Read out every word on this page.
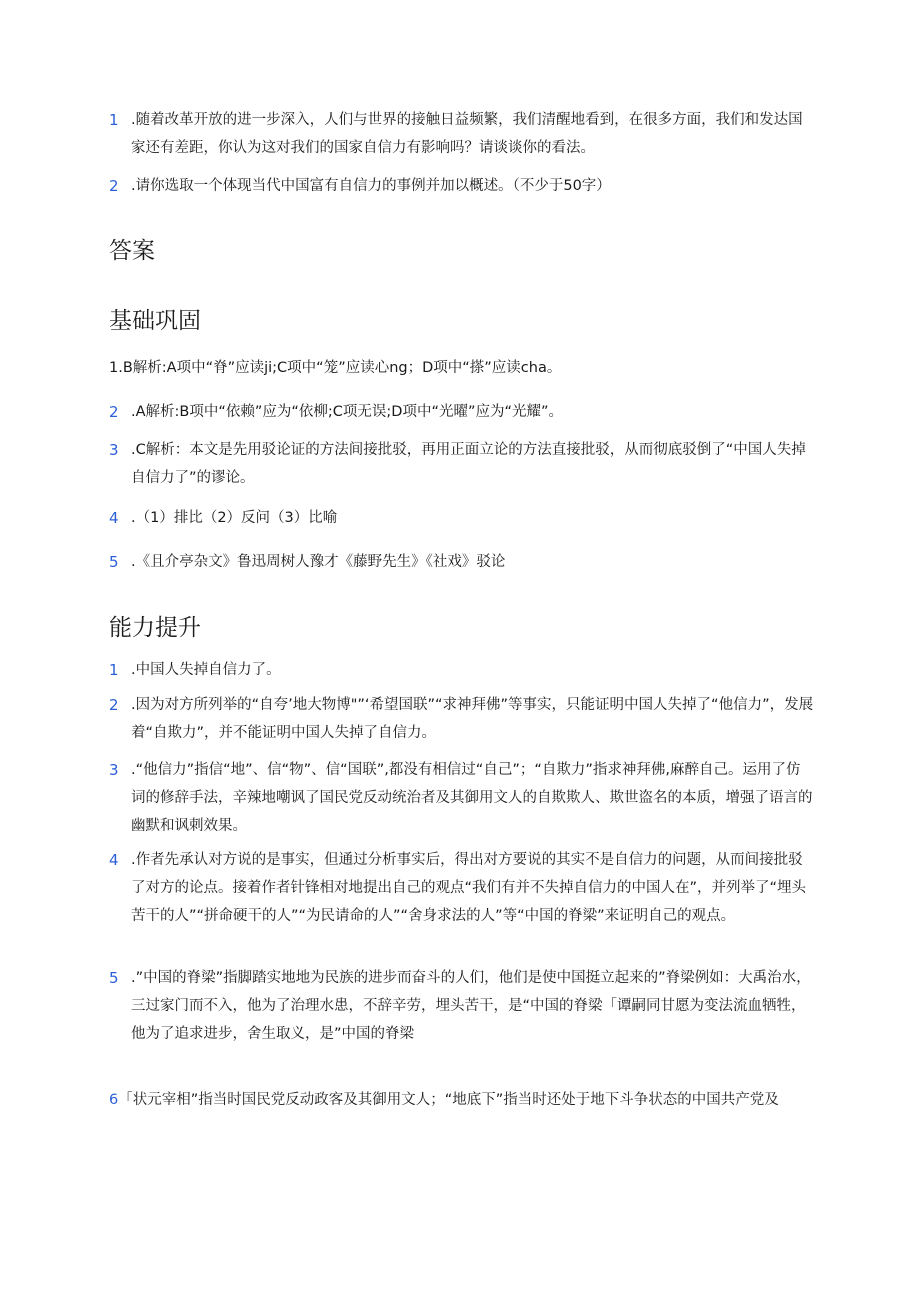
1 .随着改革开放的进一步深入，人们与世界的接触日益频繁，我们清醒地看到，在很多方面，我们和发达国家还有差距，你认为这对我们的国家自信力有影响吗？请谈谈你的看法。
2 .请你选取一个体现当代中国富有自信力的事例并加以概述。（不少于50字）
答案
基础巩固
1.B解析:A项中“脊”应读ji;C项中“笼”应读心ng；D项中“搽”应读cha。
2 .A解析:B项中“依赖”应为“依柳;C项无误;D项中“光曜”应为“光耀”。
3 .C解析：本文是先用驳论证的方法间接批驳，再用正面立论的方法直接批驳，从而彻底驳倒了“中国人失掉自信力了”的谬论。
4 .（1）排比（2）反问（3）比喻
5 .《且介亭杂文》鲁迅周树人豫才《藤野先生》《社戏》驳论
能力提升
1 .中国人失掉自信力了。
2 .因为对方所列举的“自夸’地大物博"”‘希望国联”“求神拜佛”等事实，只能证明中国人失掉了“他信力”，发展着“自欺力”，并不能证明中国人失掉了自信力。
3 .“他信力”指信“地”、信“物”、信“国联”,都没有相信过“自己”；“自欺力”指求神拜佛,麻醉自己。运用了仿词的修辞手法，辛辣地嘲讽了国民党反动统治者及其御用文人的自欺欺人、欺世盗名的本质，增强了语言的幽默和讽刺效果。
4 .作者先承认对方说的是事实，但通过分析事实后，得出对方要说的其实不是自信力的问题，从而间接批驳了对方的论点。接着作者针锋相对地提出自己的观点“我们有并不失掉自信力的中国人在”，并列举了“埋头苦干的人”“拼命硬干的人”“为民请命的人”“舍身求法的人”等“中国的脊梁”来证明自己的观点。
5 .”中国的脊梁”指脚踏实地地为民族的进步而奋斗的人们，他们是使中国挺立起来的”脊梁例如：大禹治水，三过家门而不入，他为了治理水患，不辞辛劳，埋头苦干，是“中国的脊梁「谭嗣同甘愿为变法流血牺牲，他为了追求进步，舍生取义，是”中国的脊梁
6「状元宰相”指当时国民党反动政客及其御用文人；“地底下”指当时还处于地下斗争状态的中国共产党及
